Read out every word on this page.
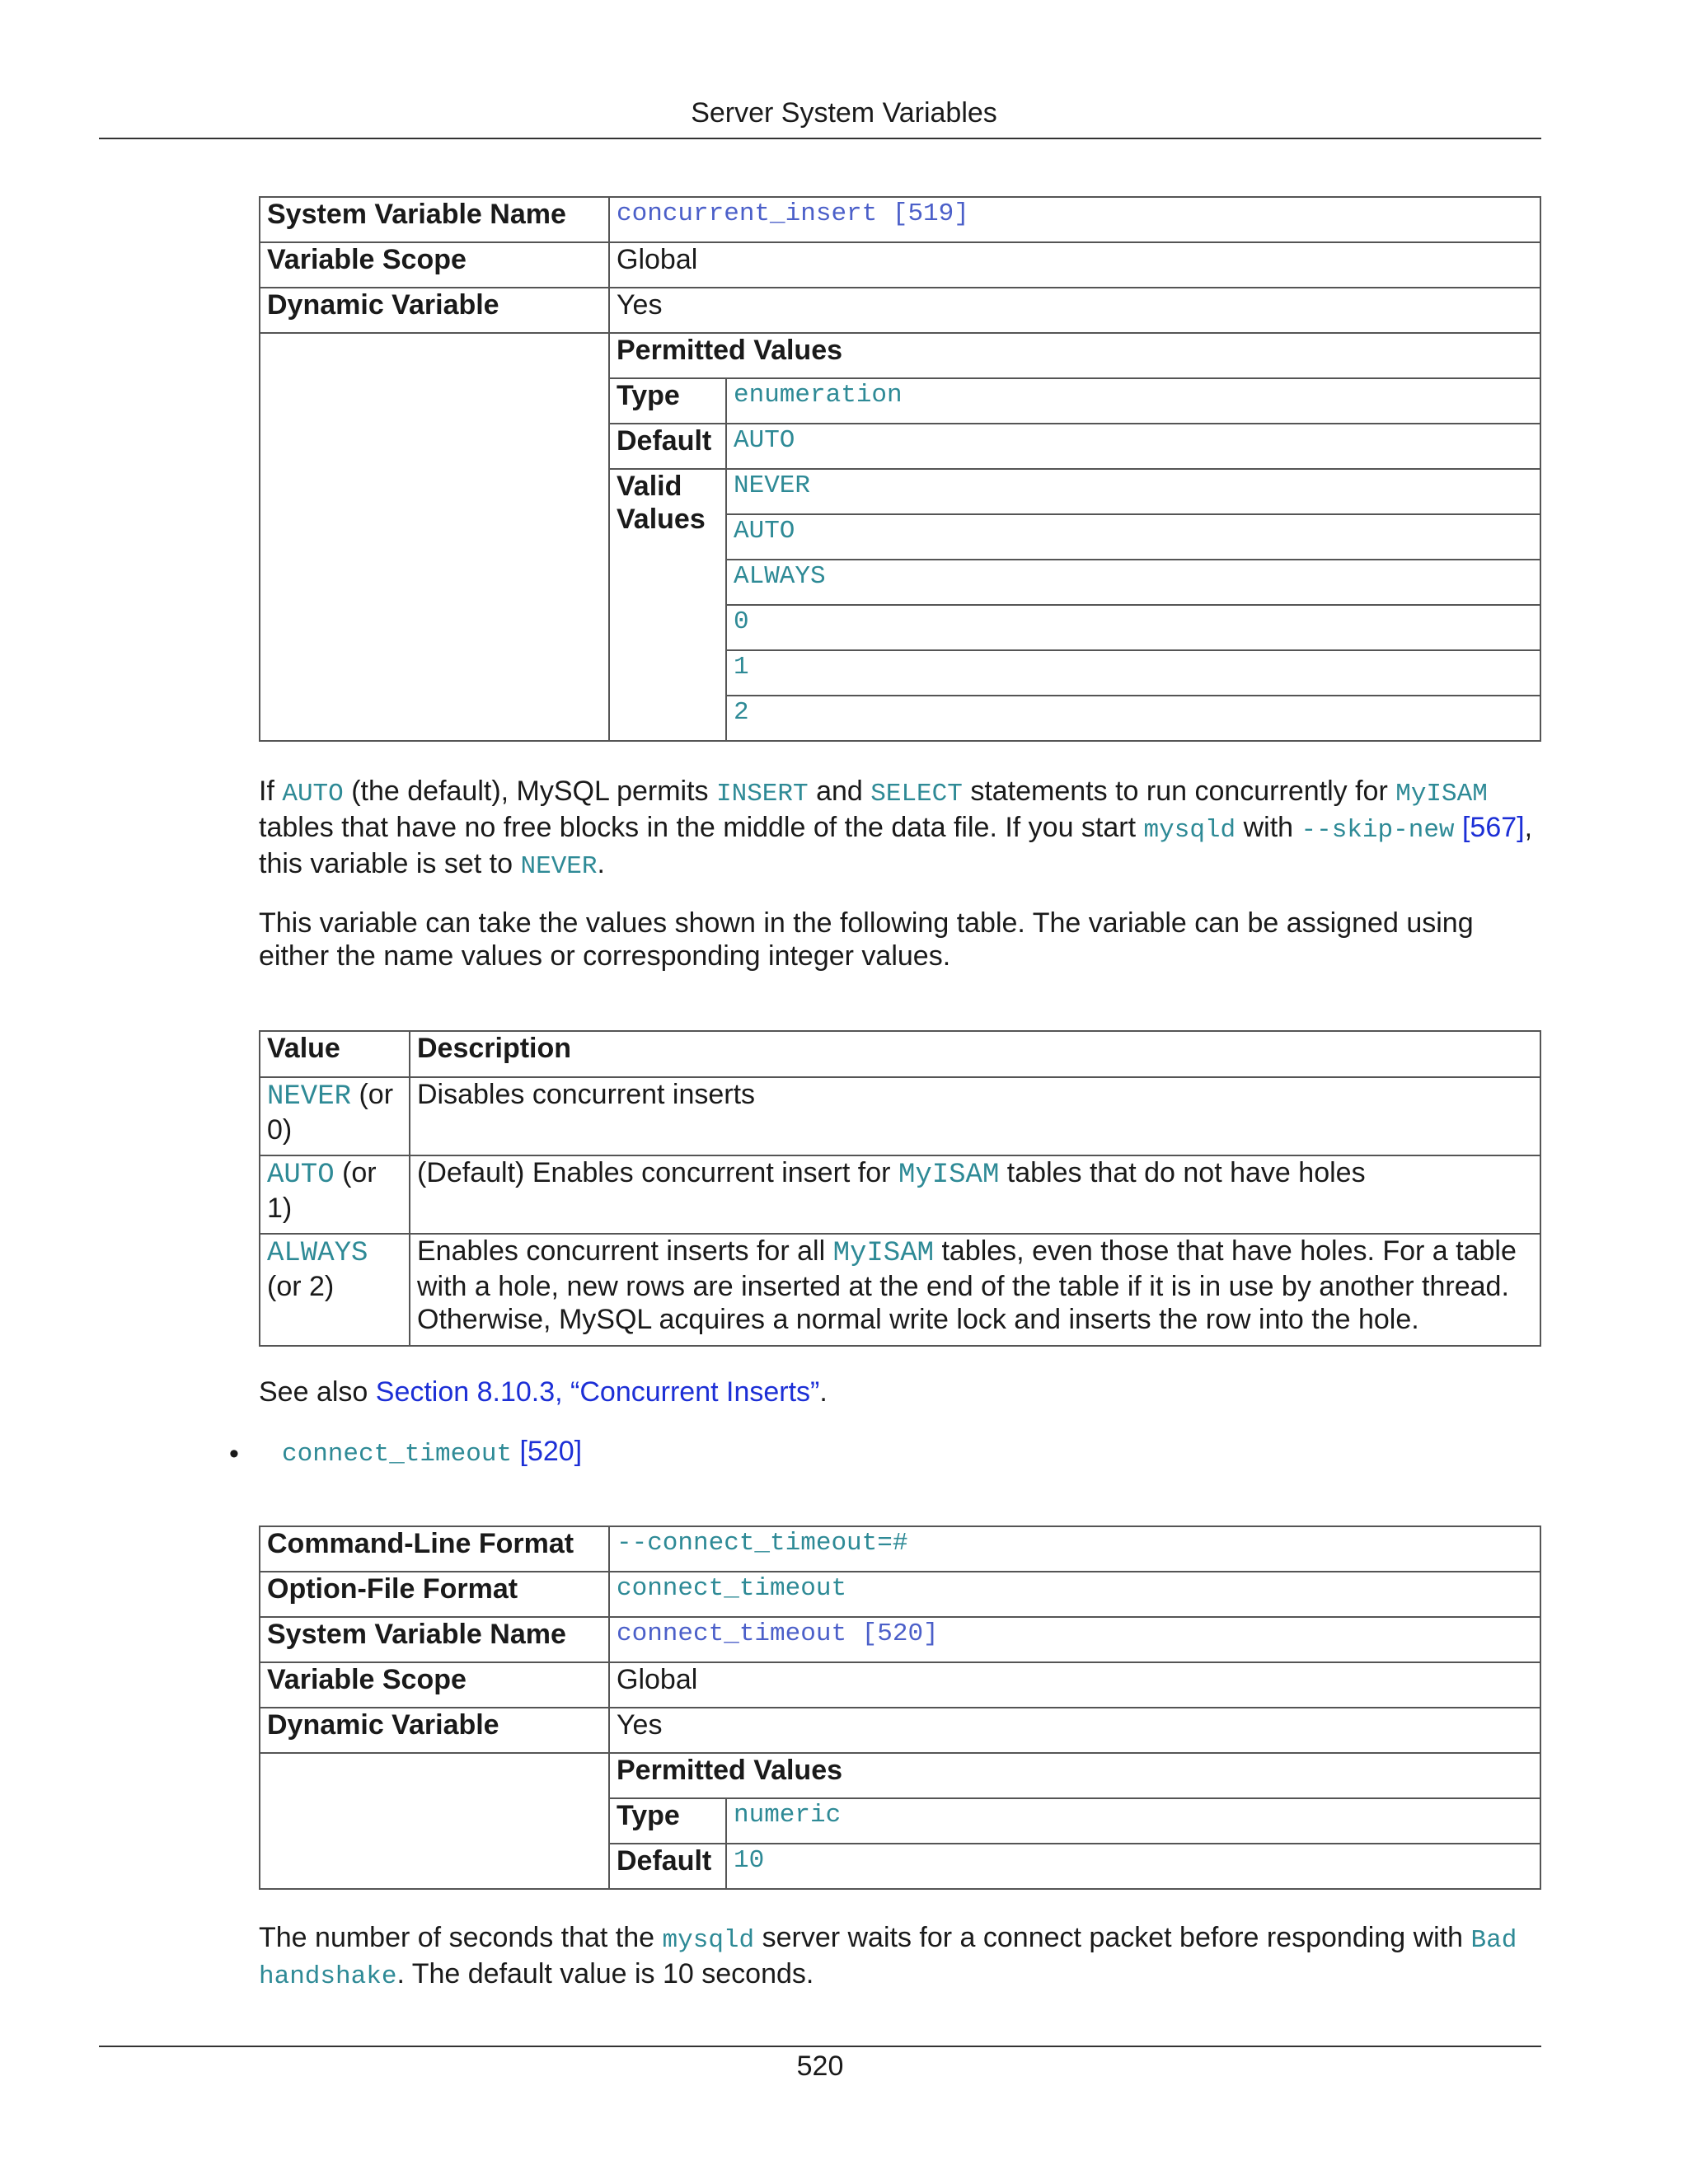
Server System Variables
System Variable Name	concurrent_insert [519]	
Variable Scope	Global	
Dynamic Variable	Yes	
	Permitted Values	
	Type	enumeration
	Default	AUTO
	Valid Values	NEVER
		AUTO
		ALWAYS
		0
		1
		2
If AUTO (the default), MySQL permits INSERT and SELECT statements to run concurrently for MyISAM tables that have no free blocks in the middle of the data file. If you start mysqld with --skip-new [567], this variable is set to NEVER.
This variable can take the values shown in the following table. The variable can be assigned using either the name values or corresponding integer values.
Value	Description
NEVER (or 0)	Disables concurrent inserts
AUTO (or 1)	(Default) Enables concurrent insert for MyISAM tables that do not have holes
ALWAYS (or 2)	Enables concurrent inserts for all MyISAM tables, even those that have holes. For a table with a hole, new rows are inserted at the end of the table if it is in use by another thread. Otherwise, MySQL acquires a normal write lock and inserts the row into the hole.
See also Section 8.10.3, “Concurrent Inserts”.
• connect_timeout [520]
Command-Line Format	--connect_timeout=#	
Option-File Format	connect_timeout	
System Variable Name	connect_timeout [520]	
Variable Scope	Global	
Dynamic Variable	Yes	
	Permitted Values	
	Type	numeric
	Default	10
The number of seconds that the mysqld server waits for a connect packet before responding with Bad handshake. The default value is 10 seconds.
520
